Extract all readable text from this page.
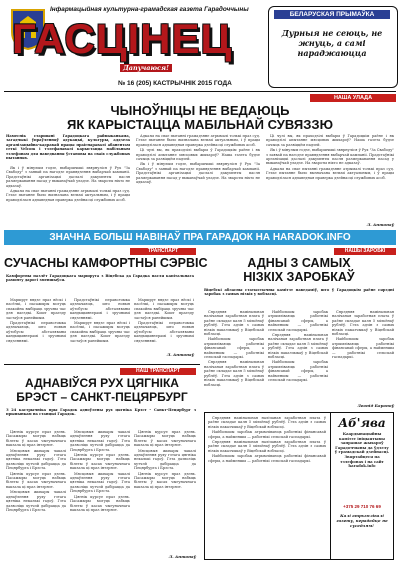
Інфармацыйная культурна-грамадская газета Гарадоччыны
ГАСЦІНЕЦ
Дапучаюся!
БЕЛАРУСКАЯ ПРЫМАЎКА
Дурныя не сеюць, не жнуць, а самі нараджаюцца
№ 16 (205) КАСТРЫЧНІК 2015 ГОДА
НАША УЛАДА
ЧЫНОЎНІЦЫ НЕ ВЕДАЮЦЬ
ЯК КАРЫСТАЦЦА МАБІЛЬНАЙ СУВЯЗЗЮ
Намеснік старшыні Гарадоцкага райвыканкама, загадчыкі ўпраўленняў адукацыі, культуры, аддзела арганізацыйна-кадравай працы праігнаравалі абанентам сеткі Velcom і тэлефанавалі карыстацца мабільным тэлефонам для наведвання ўстановы па сваіх службовых пытаннях.

Як і ў мінулым годзе, выбаршчыкі звярнуліся ў Рух "За Свабоду" з заявай па нагодзе правядзення выбарчай кампаніі. Прадстаўнікі арганізацыі даслалі дакументы пасля размеркавання пасад у выканаўчай уладзе. На звароты ніхто не адказаў.

Адказы на свае пытанні грамадзяне атрымалі толькі праз суд. Гэтае пытанне было вызначана вельмі актуальным, і ў працы праводзілася адпаведная праверка дзейнасці службовых асоб.

Адказы на свае пытанні грамадзяне атрымалі толькі праз суд. Гэтае пытанне было вызначана вельмі актуальным, і ў працы праводзілася адпаведная праверка дзейнасці службовых асоб.

Ці чулі вы, як праходзілі выбары ў Гарадоцкім раёне і як праводзілі апытанне мясцовых жыхароў? Наша газета будзе сачыць за развіццём падзей.

Як і ў мінулым годзе, выбаршчыкі звярнуліся ў Рух "За Свабоду" з заявай па нагодзе правядзення выбарчай кампаніі. Прадстаўнікі арганізацыі даслалі дакументы пасля размеркавання пасад у выканаўчай уладзе. На звароты ніхто не адказаў.

Ці чулі вы, як праходзілі выбары ў Гарадоцкім раёне і як праводзілі апытанне мясцовых жыхароў? Наша газета будзе сачыць за развіццём падзей.

Як і ў мінулым годзе, выбаршчыкі звярнуліся ў Рух "За Свабоду" з заявай па нагодзе правядзення выбарчай кампаніі. Прадстаўнікі арганізацыі даслалі дакументы пасля размеркавання пасад у выканаўчай уладзе. На звароты ніхто не адказаў.

Адказы на свае пытанні грамадзяне атрымалі толькі праз суд. Гэтае пытанне было вызначана вельмі актуальным, і ў працы праводзілася адпаведная праверка дзейнасці службовых асоб.

Л. Антонаў
ЗНАЧНА БОЛЬШ НАВІНАЎ ПРА ГАРАДОК НА HARADOK.INFO
ТРАНСПАРТ
СУЧАСНЫ КАМФОРТНЫ СЭРВІС
Камфортны пазлёт Гарадоцкага маршрута з Віцебска да Гарадка пасля капітальнага рамонту дарогі зменшыўся.

Маршрут вядзе праз вёскі і пасёлкі, і пасажыры могуць спакойна выбіраць зручны час для паездкі. Кошт праезду застаўся ранейшым.

Прадстаўнікі перавозчыка адзначаюць, што новыя аўтобусы абсталяваны кандыцыянерамі і зручнымі сядзеннямі.

Прадстаўнікі перавозчыка адзначаюць, што новыя аўтобусы абсталяваны кандыцыянерамі і зручнымі сядзеннямі.

Маршрут вядзе праз вёскі і пасёлкі, і пасажыры могуць спакойна выбіраць зручны час для паездкі. Кошт праезду застаўся ранейшым.

Маршрут вядзе праз вёскі і пасёлкі, і пасажыры могуць спакойна выбіраць зручны час для паездкі. Кошт праезду застаўся ранейшым.

Прадстаўнікі перавозчыка адзначаюць, што новыя аўтобусы абсталяваны кандыцыянерамі і зручнымі сядзеннямі.

Л. Антонаў
НАШЫ ЗАРОБКІ
АДНЫ З САМЫХ
НІЗКІХ ЗАРОБКАЎ
Віцебскі абласны статыстычны камітэт паведаміў, што ў Гарадоцкім раёне сярэдні заробак з самых нізкіх у вобласці.

Сярэдняя намінальная налічаная заработная плата ў раёне складае каля 5 мільёнаў рублёў. Гэта адзін з самых нізкіх паказчыкаў у Віцебскай вобласці.

Найбольшы заробак атрымліваюць работнікі фінансавай сферы, а найменшы — работнікі сельскай гаспадаркі.

Сярэдняя намінальная налічаная заработная плата ў раёне складае каля 5 мільёнаў рублёў. Гэта адзін з самых нізкіх паказчыкаў у Віцебскай вобласці.

Найбольшы заробак атрымліваюць работнікі фінансавай сферы, а найменшы — работнікі сельскай гаспадаркі.

Сярэдняя намінальная налічаная заработная плата ў раёне складае каля 5 мільёнаў рублёў. Гэта адзін з самых нізкіх паказчыкаў у Віцебскай вобласці.

Найбольшы заробак атрымліваюць работнікі фінансавай сферы, а найменшы — работнікі сельскай гаспадаркі.

Сярэдняя намінальная налічаная заработная плата ў раёне складае каля 5 мільёнаў рублёў. Гэта адзін з самых нізкіх паказчыкаў у Віцебскай вобласці.

Найбольшы заробак атрымліваюць работнікі фінансавай сферы, а найменшы — работнікі сельскай гаспадаркі.

Леанід Бараноў
НАШ ТРАНСПАРТ
АДНАВІЎСЯ РУХ ЦЯГНІКА
БРЭСТ – САНКТ-ПЕЦЯРБУРГ
З 24 кастрычніка пры Гарадок адноўлены рух цягніка Брэст – Санкт-Пецярбург з прыпынкам на станцыі Гарадок.

Цягнік курсуе праз дзень. Пасажыры могуць набыць білеты ў касах чыгуначнага вакзала ці праз інтэрнэт.

Мясцовыя жыхары чакалі аднаўлення руху гэтага цягніка некалькі гадоў. Гэта дазволіць хутчэй дабірацца да Пецярбурга і Брэста.

Цягнік курсуе праз дзень. Пасажыры могуць набыць білеты ў касах чыгуначнага вакзала ці праз інтэрнэт.

Мясцовыя жыхары чакалі аднаўлення руху гэтага цягніка некалькі гадоў. Гэта дазволіць хутчэй дабірацца да Пецярбурга і Брэста.

Мясцовыя жыхары чакалі аднаўлення руху гэтага цягніка некалькі гадоў. Гэта дазволіць хутчэй дабірацца да Пецярбурга і Брэста.

Цягнік курсуе праз дзень. Пасажыры могуць набыць білеты ў касах чыгуначнага вакзала ці праз інтэрнэт.

Мясцовыя жыхары чакалі аднаўлення руху гэтага цягніка некалькі гадоў. Гэта дазволіць хутчэй дабірацца да Пецярбурга і Брэста.

Цягнік курсуе праз дзень. Пасажыры могуць набыць білеты ў касах чыгуначнага вакзала ці праз інтэрнэт.

Цягнік курсуе праз дзень. Пасажыры могуць набыць білеты ў касах чыгуначнага вакзала ці праз інтэрнэт.

Мясцовыя жыхары чакалі аднаўлення руху гэтага цягніка некалькі гадоў. Гэта дазволіць хутчэй дабірацца да Пецярбурга і Брэста.

Цягнік курсуе праз дзень. Пасажыры могуць набыць білеты ў касах чыгуначнага вакзала ці праз інтэрнэт.

Л. Антонаў

Сярэдняя намінальная налічаная заработная плата ў раёне складае каля 5 мільёнаў рублёў. Гэта адзін з самых нізкіх паказчыкаў у Віцебскай вобласці.

Найбольшы заробак атрымліваюць работнікі фінансавай сферы, а найменшы — работнікі сельскай гаспадаркі.

Сярэдняя намінальная налічаная заработная плата ў раёне складае каля 5 мільёнаў рублёў. Гэта адзін з самых нізкіх паказчыкаў у Віцебскай вобласці.

Найбольшы заробак атрымліваюць работнікі фінансавай сферы, а найменшы — работнікі сельскай гаспадаркі.

Аб'ява
Каардынацыйны камітэт ініцыятывы запрашае жыхароў Гарадоччыны да ўдзелу ў грамадскай дзейнасці. Звяртайцеся па тэлефонах і на сайт haradok.info
+375 29 710 76 69
Калі атрымлівалі газету, перадайце яе суседзям!
